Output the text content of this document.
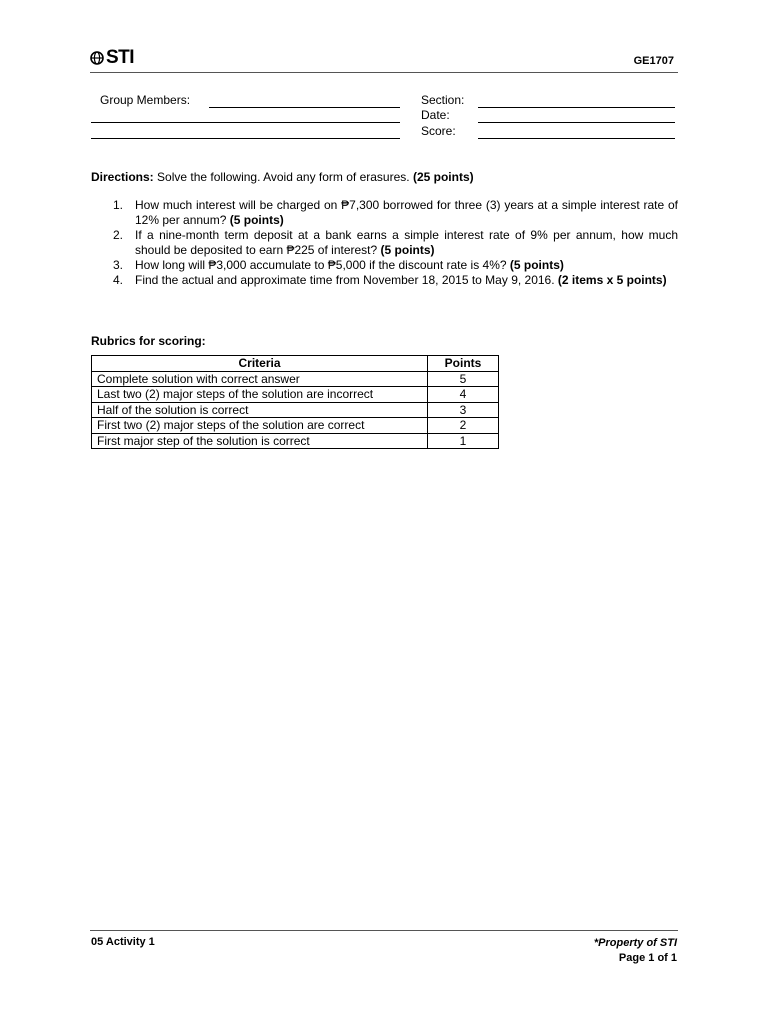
STI	GE1707
Group Members:	Section:
Date:
Score:
Directions: Solve the following. Avoid any form of erasures. (25 points)
1. How much interest will be charged on ₱7,300 borrowed for three (3) years at a simple interest rate of 12% per annum? (5 points)
2. If a nine-month term deposit at a bank earns a simple interest rate of 9% per annum, how much should be deposited to earn ₱225 of interest? (5 points)
3. How long will ₱3,000 accumulate to ₱5,000 if the discount rate is 4%? (5 points)
4. Find the actual and approximate time from November 18, 2015 to May 9, 2016. (2 items x 5 points)
Rubrics for scoring:
Criteria	Points
Complete solution with correct answer	5
Last two (2) major steps of the solution are incorrect	4
Half of the solution is correct	3
First two (2) major steps of the solution are correct	2
First major step of the solution is correct	1
05 Activity 1	*Property of STI
Page 1 of 1
